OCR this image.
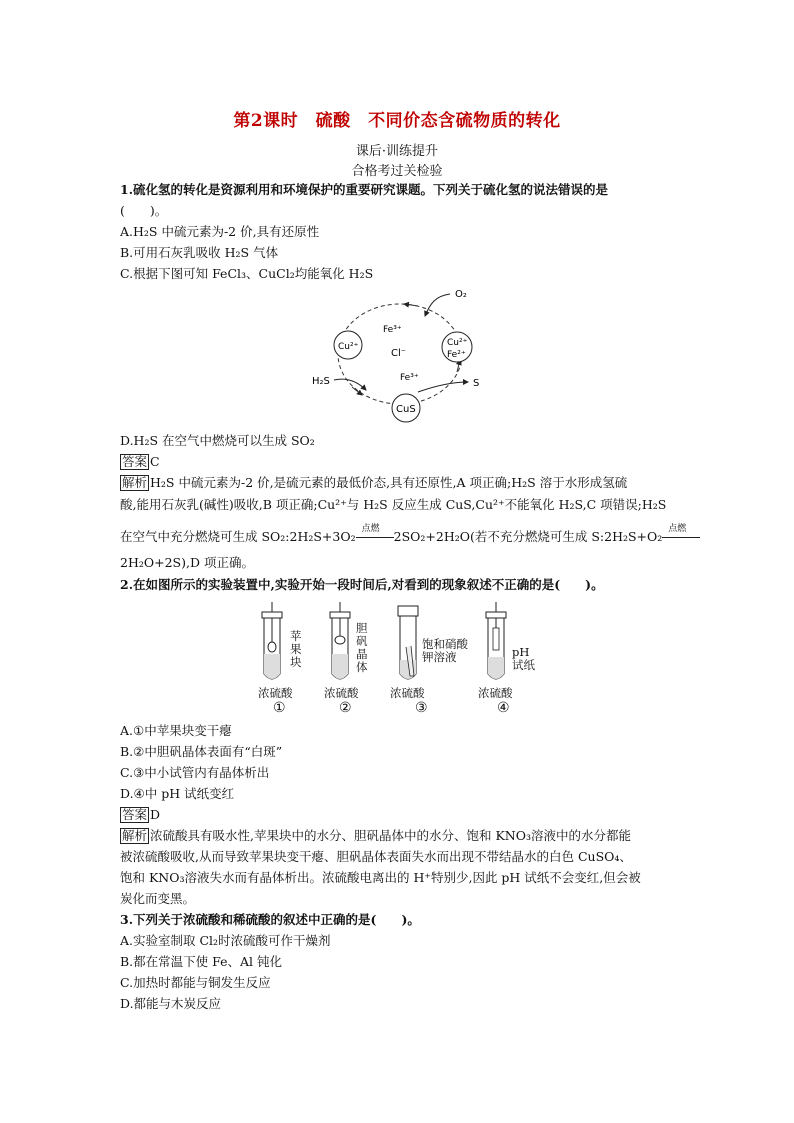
第2课时　硫酸　不同价态含硫物质的转化
课后·训练提升
合格考过关检验
1.硫化氢的转化是资源利用和环境保护的重要研究课题。下列关于硫化氢的说法错误的是
(　　)。
A.H₂S 中硫元素为-2 价,具有还原性
B.可用石灰乳吸收 H₂S 气体
C.根据下图可知 FeCl₃、CuCl₂均能氧化 H₂S
O₂
Fe³⁺
Cu²⁺
Cl⁻
Cu²⁺
Fe²⁺
Fe³⁺
H₂S	S
CuS
D.H₂S 在空气中燃烧可以生成 SO₂
答案 C
解析 H₂S 中硫元素为-2 价,是硫元素的最低价态,具有还原性,A 项正确;H₂S 溶于水形成氢硫
酸,能用石灰乳(碱性)吸收,B 项正确;Cu²⁺与 H₂S 反应生成 CuS,Cu²⁺不能氧化 H₂S,C 项错误;H₂S
在空气中充分燃烧可生成 SO₂:2H₂S+3O₂
点燃
2SO₂+2H₂O(若不充分燃烧可生成 S:2H₂S+O₂
点燃
2H₂O+2S),D 项正确。
2.在如图所示的实验装置中,实验开始一段时间后,对看到的现象叙述不正确的是(　　)。
苹果块
胆矾晶体
饱和硝酸钾溶液	pH试纸
浓硫酸	浓硫酸	浓硫酸	浓硫酸
①	②	③	④
A.①中苹果块变干瘪
B.②中胆矾晶体表面有“白斑”
C.③中小试管内有晶体析出
D.④中 pH 试纸变红
答案 D
解析 浓硫酸具有吸水性,苹果块中的水分、胆矾晶体中的水分、饱和 KNO₃溶液中的水分都能
被浓硫酸吸收,从而导致苹果块变干瘪、胆矾晶体表面失水而出现不带结晶水的白色 CuSO₄、
饱和 KNO₃溶液失水而有晶体析出。浓硫酸电离出的 H⁺特别少,因此 pH 试纸不会变红,但会被
炭化而变黑。
3.下列关于浓硫酸和稀硫酸的叙述中正确的是(　　)。
A.实验室制取 Cl₂时浓硫酸可作干燥剂
B.都在常温下使 Fe、Al 钝化
C.加热时都能与铜发生反应
D.都能与木炭反应
